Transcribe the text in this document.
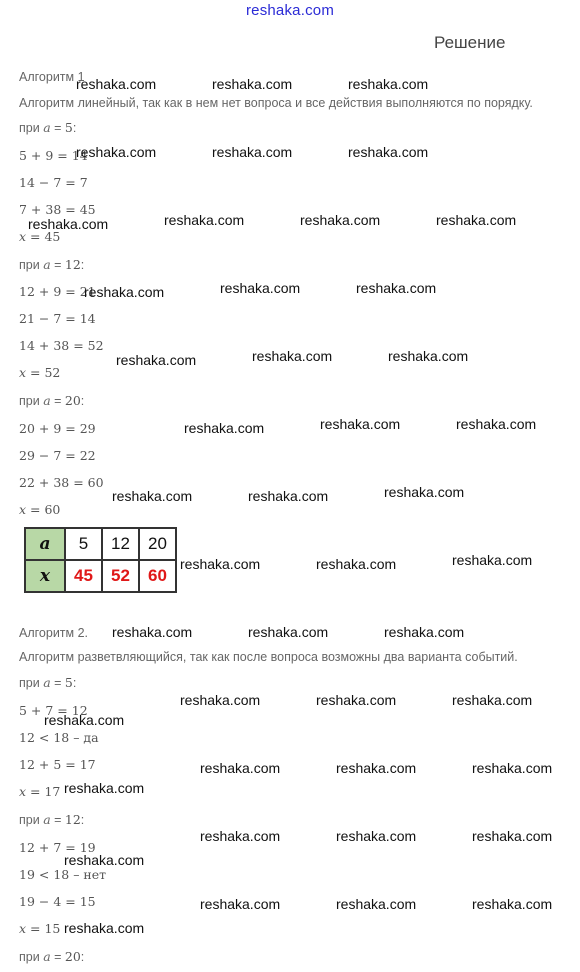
reshaka.com
Решение
Алгоритм 1
Алгоритм линейный, так как в нем нет вопроса и все действия выполняются по порядку.
при a = 5:
5 + 9 = 14
14 − 7 = 7
7 + 38 = 45
x = 45
при a = 12:
12 + 9 = 21
21 − 7 = 14
14 + 38 = 52
x = 52
при a = 20:
20 + 9 = 29
29 − 7 = 22
22 + 38 = 60
x = 60
a	5	12	20
x	45	52	60
Алгоритм 2.
Алгоритм разветвляющийся, так как после вопроса возможны два варианта событий.
при a = 5:
5 + 7 = 12
12 < 18 – да
12 + 5 = 17
x = 17
при a = 12:
12 + 7 = 19
19 < 18 – нет
19 − 4 = 15
x = 15
при a = 20:
reshaka.com	reshaka.com	reshaka.com
reshaka.com	reshaka.com	reshaka.com
reshaka.com	reshaka.com	reshaka.com	reshaka.com
reshaka.com	reshaka.com	reshaka.com
reshaka.com	reshaka.com	reshaka.com
reshaka.com	reshaka.com	reshaka.com
reshaka.com	reshaka.com	reshaka.com
reshaka.com	reshaka.com	reshaka.com
reshaka.com	reshaka.com	reshaka.com
reshaka.com	reshaka.com	reshaka.com
reshaka.com
reshaka.com	reshaka.com	reshaka.com
reshaka.com
reshaka.com	reshaka.com	reshaka.com
reshaka.com
reshaka.com	reshaka.com	reshaka.com
reshaka.com
